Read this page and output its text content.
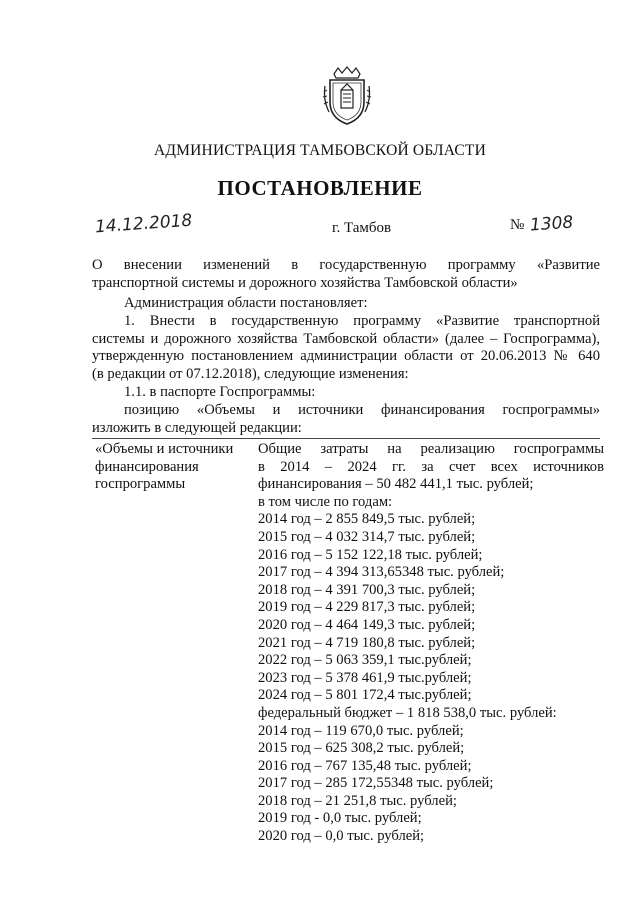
АДМИНИСТРАЦИЯ ТАМБОВСКОЙ ОБЛАСТИ
ПОСТАНОВЛЕНИЕ
14.12.2018	г. Тамбов	№ 1308
О внесении изменений в государственную программу «Развитие
транспортной системы и дорожного хозяйства Тамбовской области»
Администрация области постановляет:
1. Внести в государственную программу «Развитие транспортной
системы и дорожного хозяйства Тамбовской области» (далее – Госпрограмма),
утвержденную постановлением администрации области от 20.06.2013 № 640
(в редакции от 07.12.2018), следующие изменения:
1.1. в паспорте Госпрограммы:
позицию «Объемы и источники финансирования госпрограммы»
изложить в следующей редакции:
«Объемы и источники
финансирования
госпрограммы
Общие затраты на реализацию госпрограммы
в 2014 – 2024 гг. за счет всех источников
финансирования – 50 482 441,1 тыс. рублей;
в том числе по годам:
2014 год – 2 855 849,5 тыс. рублей;
2015 год – 4 032 314,7 тыс. рублей;
2016 год – 5 152 122,18 тыс. рублей;
2017 год – 4 394 313,65348 тыс. рублей;
2018 год – 4 391 700,3 тыс. рублей;
2019 год – 4 229 817,3 тыс. рублей;
2020 год – 4 464 149,3 тыс. рублей;
2021 год – 4 719 180,8 тыс. рублей;
2022 год – 5 063 359,1 тыс.рублей;
2023 год – 5 378 461,9 тыс.рублей;
2024 год – 5 801 172,4 тыс.рублей;
федеральный бюджет – 1 818 538,0 тыс. рублей:
2014 год – 119 670,0 тыс. рублей;
2015 год – 625 308,2 тыс. рублей;
2016 год – 767 135,48 тыс. рублей;
2017 год – 285 172,55348 тыс. рублей;
2018 год – 21 251,8 тыс. рублей;
2019 год - 0,0 тыс. рублей;
2020 год – 0,0 тыс. рублей;
